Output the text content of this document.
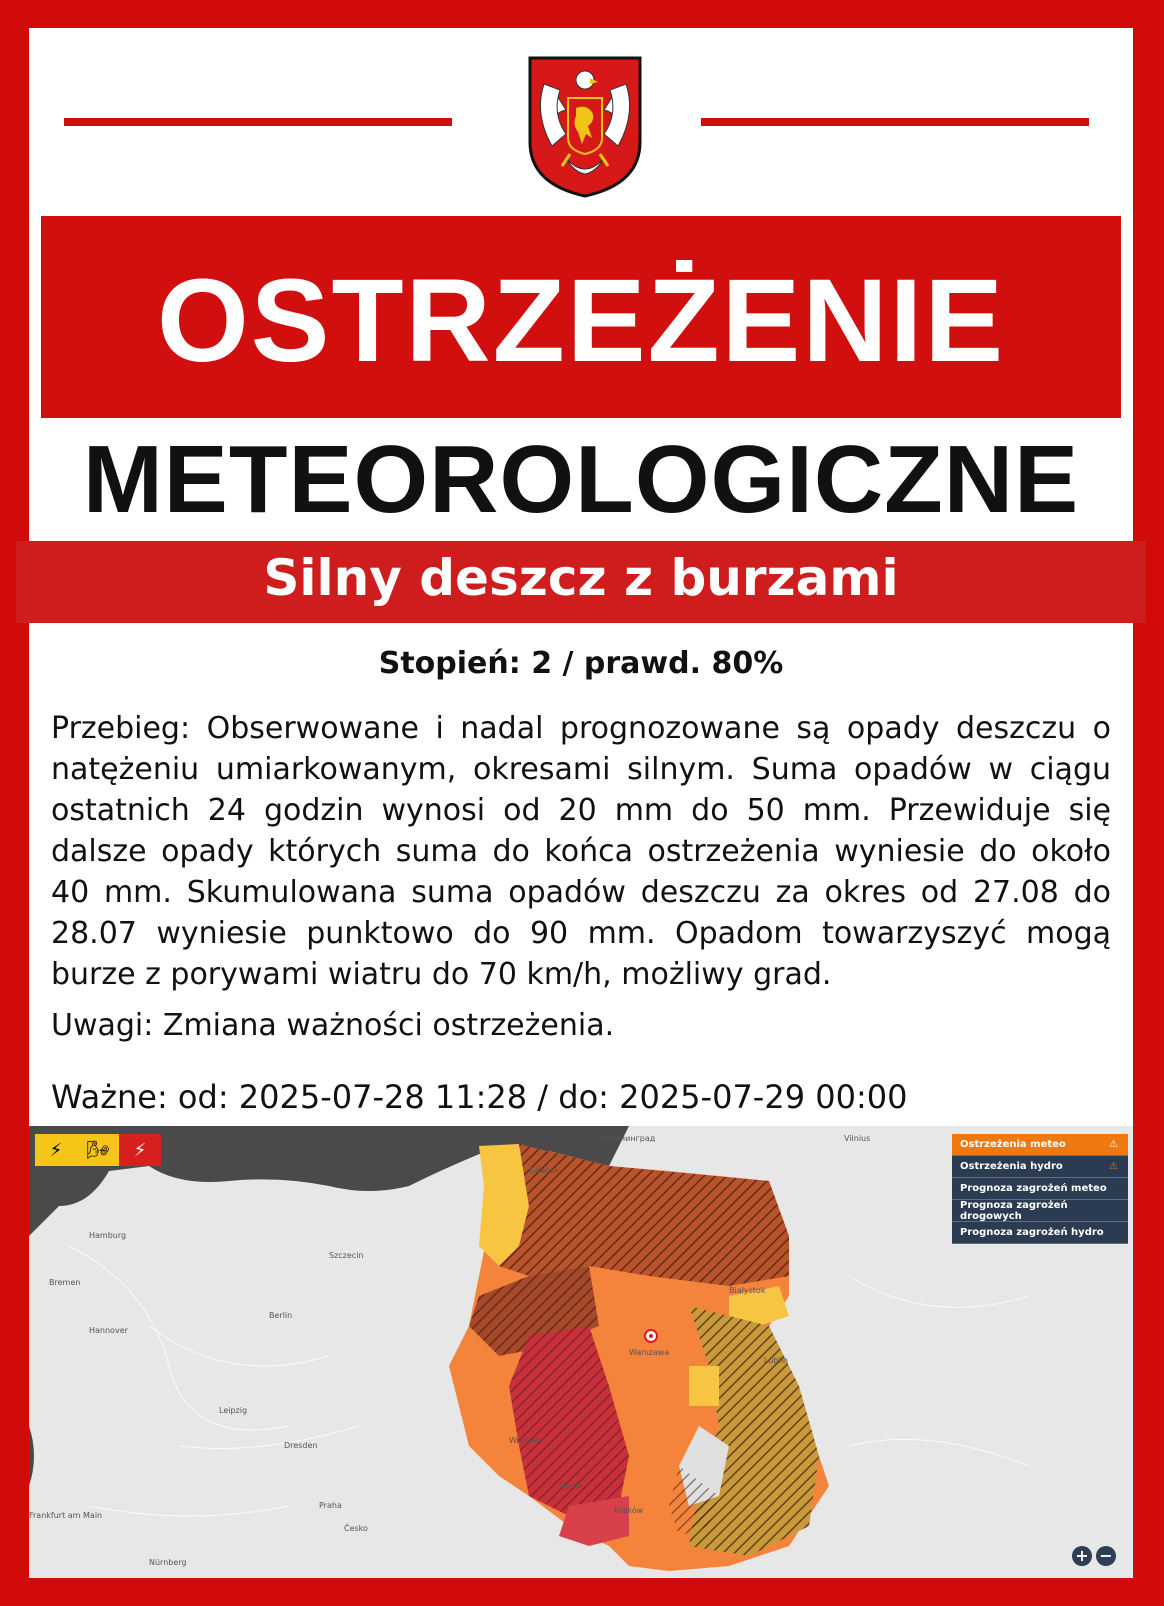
OSTRZEŻENIE
METEOROLOGICZNE
Stopień: 2 / prawd. 80%
Przebieg: Obserwowane i nadal prognozowane są opady deszczu o natężeniu umiarkowanym, okresami silnym. Suma opadów w ciągu ostatnich 24 godzin wynosi od 20 mm do 50 mm. Przewiduje się dalsze opady których suma do końca ostrzeżenia wyniesie do około 40 mm. Skumulowana suma opadów deszczu za okres od 27.08 do 28.07 wyniesie punktowo do 90 mm. Opadom towarzyszyć mogą burze z porywami wiatru do 70 km/h, możliwy grad.
Uwagi: Zmiana ważności ostrzeżenia.
Ważne: od: 2025-07-28 11:28 / do: 2025-07-29 00:00
Silny deszcz z burzami
Hamburg
Bremen
Hannover
Berlin
Szczecin
Leipzig
Dresden
Praha
Česko
Frankfurt am Main
Nürnberg
Warszawa
Wrocław
Opole
Kraków
Białystok
Lublin
Gdańsk
Калининград	Vilnius
⚡	🌬	⚡	Ostrzeżenia meteo	⚠
Ostrzeżenia hydro	⚠
Prognoza zagrożeń meteo
Prognoza zagrożeń drogowych
Prognoza zagrożeń hydro
+ −
